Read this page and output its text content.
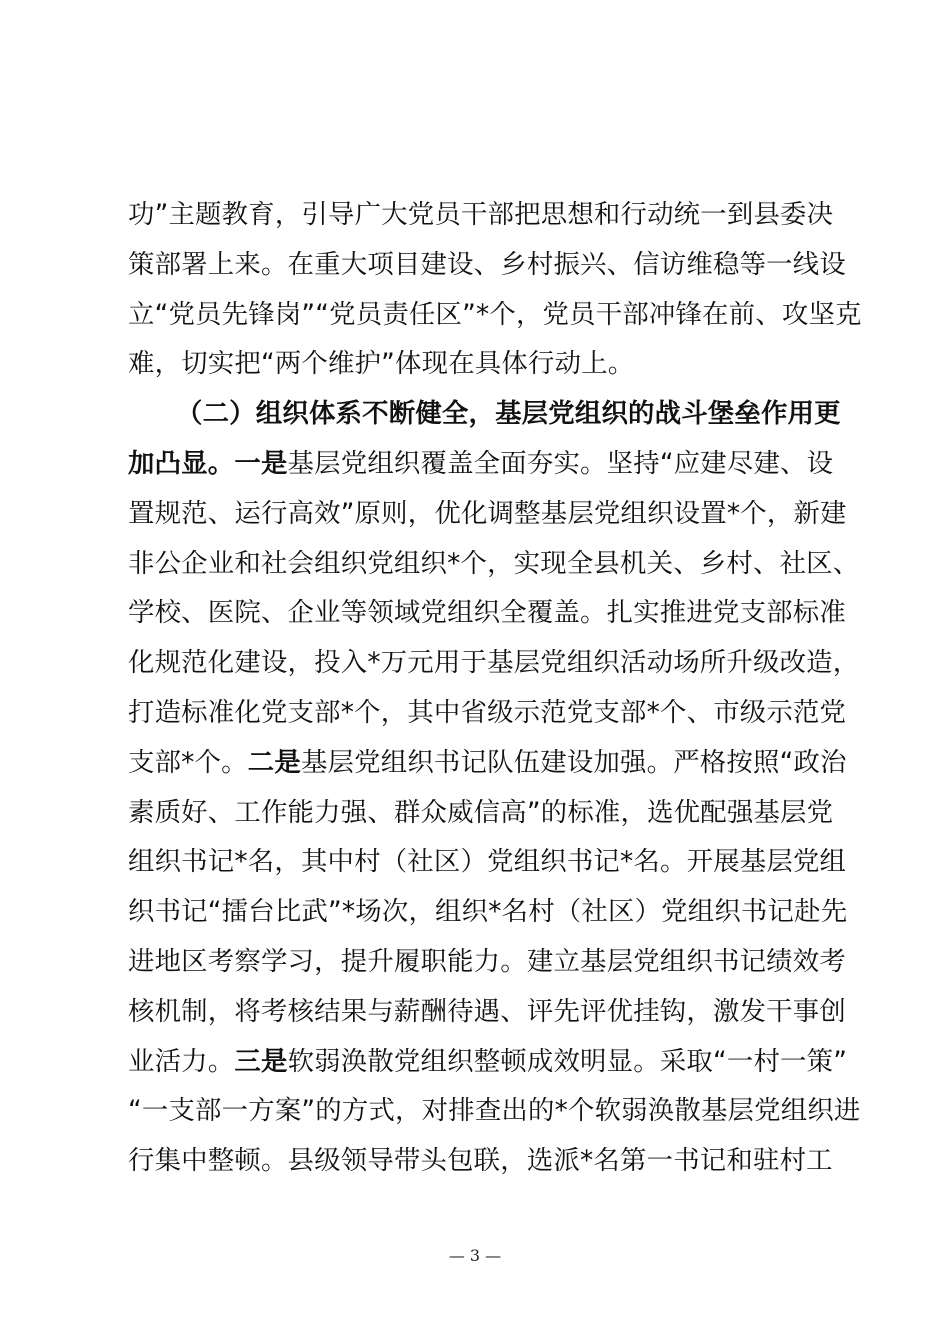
功”主题教育，引导广大党员干部把思想和行动统一到县委决
策部署上来。在重大项目建设、乡村振兴、信访维稳等一线设
立“党员先锋岗”“党员责任区”*个，党员干部冲锋在前、攻坚克
难，切实把“两个维护”体现在具体行动上。
（二）组织体系不断健全，基层党组织的战斗堡垒作用更
加凸显。一是基层党组织覆盖全面夯实。坚持“应建尽建、设
置规范、运行高效”原则，优化调整基层党组织设置*个，新建
非公企业和社会组织党组织*个，实现全县机关、乡村、社区、
学校、医院、企业等领域党组织全覆盖。扎实推进党支部标准
化规范化建设，投入*万元用于基层党组织活动场所升级改造，
打造标准化党支部*个，其中省级示范党支部*个、市级示范党
支部*个。二是基层党组织书记队伍建设加强。严格按照“政治
素质好、工作能力强、群众威信高”的标准，选优配强基层党
组织书记*名，其中村（社区）党组织书记*名。开展基层党组
织书记“擂台比武”*场次，组织*名村（社区）党组织书记赴先
进地区考察学习，提升履职能力。建立基层党组织书记绩效考
核机制，将考核结果与薪酬待遇、评先评优挂钩，激发干事创
业活力。三是软弱涣散党组织整顿成效明显。采取“一村一策”
“一支部一方案”的方式，对排查出的*个软弱涣散基层党组织进
行集中整顿。县级领导带头包联，选派*名第一书记和驻村工
— 3 —
